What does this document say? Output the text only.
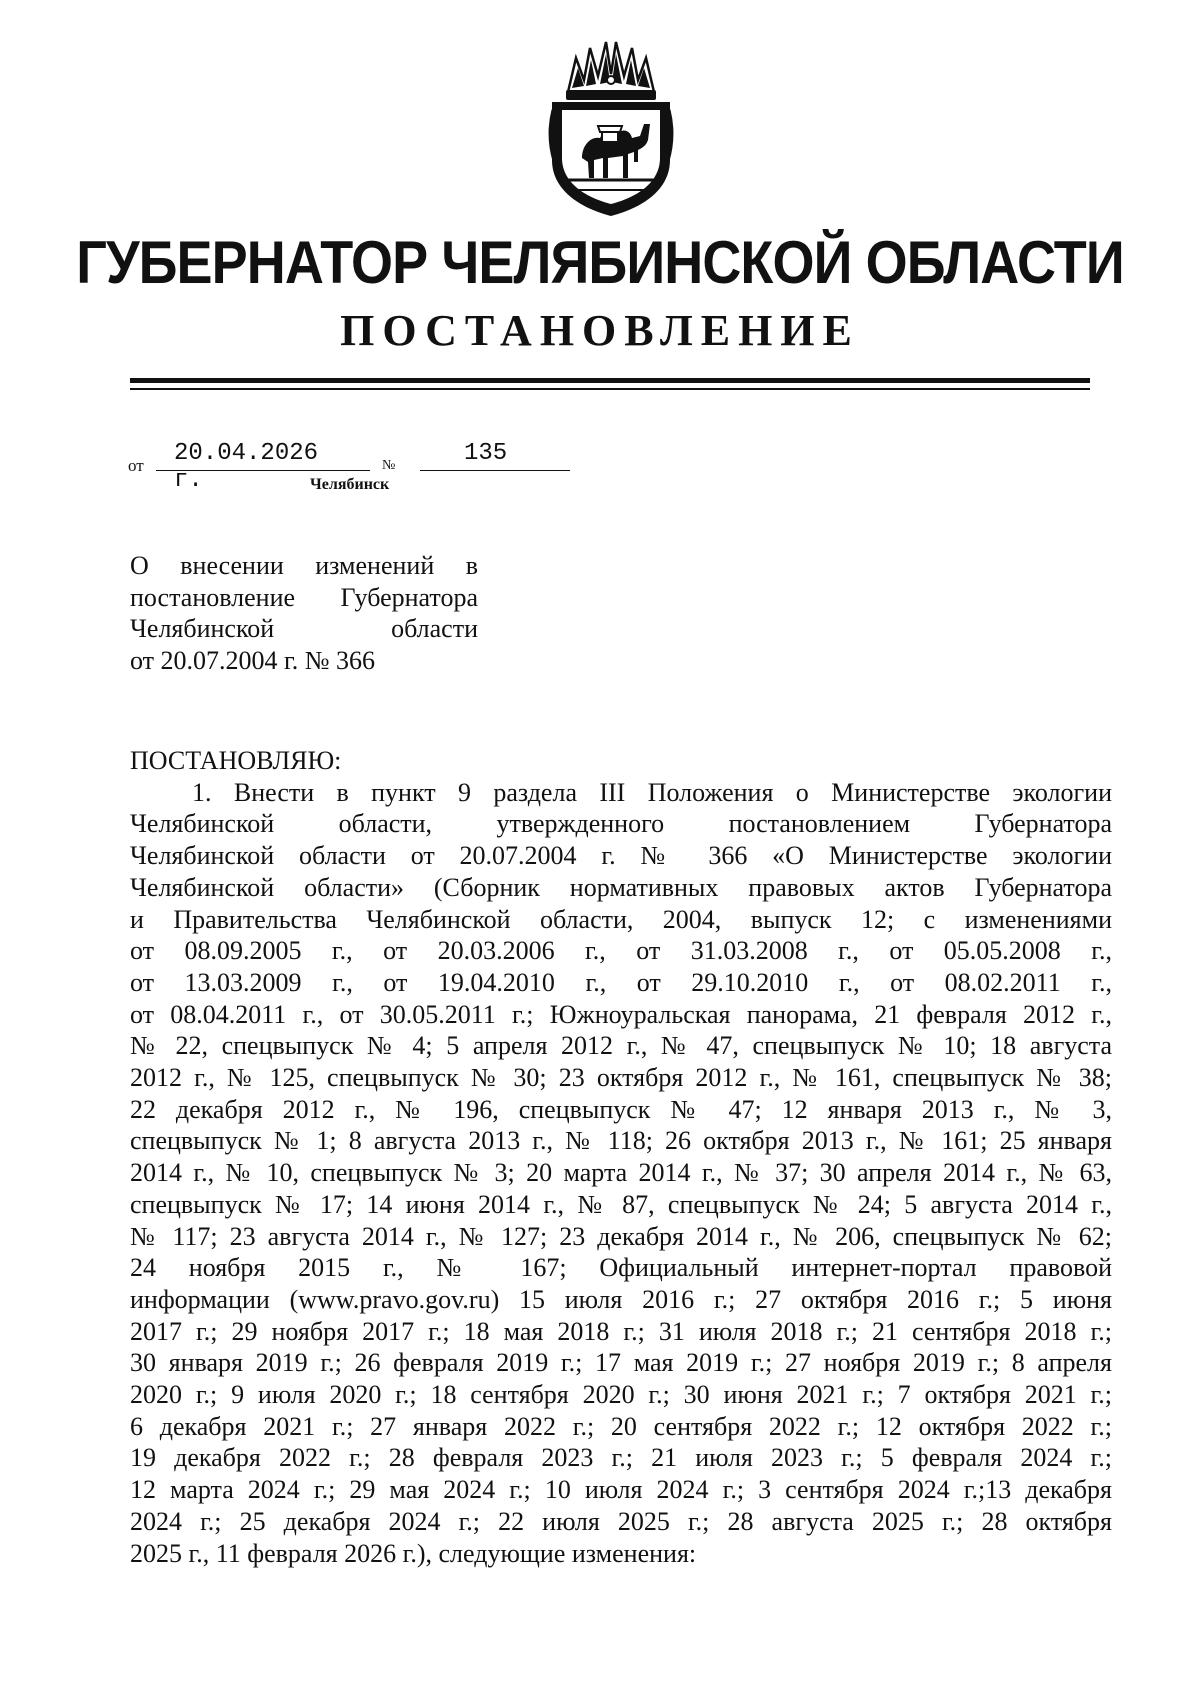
ГУБЕРНАТОР ЧЕЛЯБИНСКОЙ ОБЛАСТИ
ПОСТАНОВЛЕНИЕ
от 20.04.2026 г.
№	135
Челябинск
О внесении изменений в
постановление Губернатора
Челябинской области
от 20.07.2004 г. № 366
ПОСТАНОВЛЯЮ:
1. Внести в пункт 9 раздела III Положения о Министерстве экологии
Челябинской области, утвержденного постановлением Губернатора
Челябинской области от 20.07.2004 г. № 366 «О Министерстве экологии
Челябинской области» (Сборник нормативных правовых актов Губернатора
и Правительства Челябинской области, 2004, выпуск 12; с изменениями
от 08.09.2005 г., от 20.03.2006 г., от 31.03.2008 г., от 05.05.2008 г.,
от 13.03.2009 г., от 19.04.2010 г., от 29.10.2010 г., от 08.02.2011 г.,
от 08.04.2011 г., от 30.05.2011 г.; Южноуральская панорама, 21 февраля 2012 г.,
№ 22, спецвыпуск № 4; 5 апреля 2012 г., № 47, спецвыпуск № 10; 18 августа
2012 г., № 125, спецвыпуск № 30; 23 октября 2012 г., № 161, спецвыпуск № 38;
22 декабря 2012 г., № 196, спецвыпуск № 47; 12 января 2013 г., № 3,
спецвыпуск № 1; 8 августа 2013 г., № 118; 26 октября 2013 г., № 161; 25 января
2014 г., № 10, спецвыпуск № 3; 20 марта 2014 г., № 37; 30 апреля 2014 г., № 63,
спецвыпуск № 17; 14 июня 2014 г., № 87, спецвыпуск № 24; 5 августа 2014 г.,
№ 117; 23 августа 2014 г., № 127; 23 декабря 2014 г., № 206, спецвыпуск № 62;
24 ноября 2015 г., № 167; Официальный интернет-портал правовой
информации (www.pravo.gov.ru) 15 июля 2016 г.; 27 октября 2016 г.; 5 июня
2017 г.; 29 ноября 2017 г.; 18 мая 2018 г.; 31 июля 2018 г.; 21 сентября 2018 г.;
30 января 2019 г.; 26 февраля 2019 г.; 17 мая 2019 г.; 27 ноября 2019 г.; 8 апреля
2020 г.; 9 июля 2020 г.; 18 сентября 2020 г.; 30 июня 2021 г.; 7 октября 2021 г.;
6 декабря 2021 г.; 27 января 2022 г.; 20 сентября 2022 г.; 12 октября 2022 г.;
19 декабря 2022 г.; 28 февраля 2023 г.; 21 июля 2023 г.; 5 февраля 2024 г.;
12 марта 2024 г.; 29 мая 2024 г.; 10 июля 2024 г.; 3 сентября 2024 г.;13 декабря
2024 г.; 25 декабря 2024 г.; 22 июля 2025 г.; 28 августа 2025 г.; 28 октября
2025 г., 11 февраля 2026 г.), следующие изменения:
